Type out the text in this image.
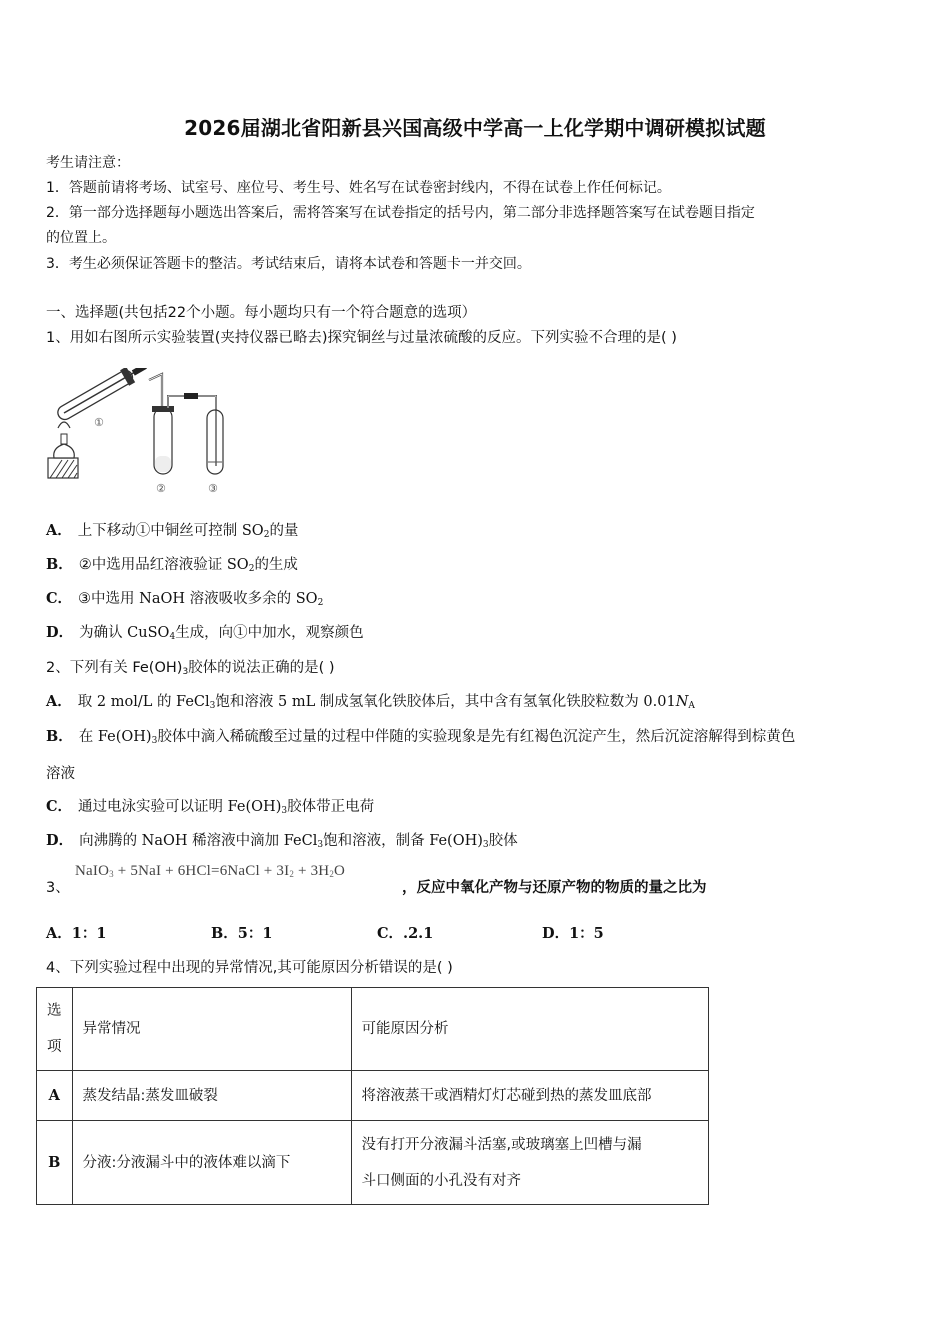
2026届湖北省阳新县兴国高级中学高一上化学期中调研模拟试题
考生请注意：
1．答题前请将考场、试室号、座位号、考生号、姓名写在试卷密封线内，不得在试卷上作任何标记。
2．第一部分选择题每小题选出答案后，需将答案写在试卷指定的括号内，第二部分非选择题答案写在试卷题目指定
的位置上。
3．考生必须保证答题卡的整洁。考试结束后，请将本试卷和答题卡一并交回。
一、选择题(共包括22个小题。每小题均只有一个符合题意的选项）
1、用如右图所示实验装置(夹持仪器已略去)探究铜丝与过量浓硫酸的反应。下列实验不合理的是( )
①
②	③
A． 上下移动①中铜丝可控制 $SO_2$的量
B． ②中选用品红溶液验证 $SO_2$的生成
C． ③中选用 NaOH 溶液吸收多余的 $SO_2$
D． 为确认 CuSO$_4$生成，向①中加水，观察颜色
2、下列有关 $Fe(OH)_3$胶体的说法正确的是( )
A． 取 2 mol/L 的 FeCl$_3$饱和溶液 5 mL 制成氢氧化铁胶体后，其中含有氢氧化铁胶粒数为 $0.01N_A$
B． 在 $Fe(OH)_3$胶体中滴入稀硫酸至过量的过程中伴随的实验现象是先有红褐色沉淀产生，然后沉淀溶解得到棕黄色
溶液
C． 通过电泳实验可以证明 $Fe(OH)_3$胶体带正电荷
D． 向沸腾的 NaOH 稀溶液中滴加 FeCl$_3$饱和溶液，制备 $Fe(OH)_3$胶体
3、
NaIO$_3$ + 5NaI + 6HCl=6NaCl + $3I_2 + 3H_2O$
，反应中氧化产物与还原产物的物质的量之比为
A．1：1	B．5：1	C．.2.1	D．1：5
4、下列实验过程中出现的异常情况,其可能原因分析错误的是( )
选
项	异常情况	可能原因分析
A	蒸发结晶:蒸发皿破裂	将溶液蒸干或酒精灯灯芯碰到热的蒸发皿底部
B	分液:分液漏斗中的液体难以滴下	没有打开分液漏斗活塞,或玻璃塞上凹槽与漏
斗口侧面的小孔没有对齐
